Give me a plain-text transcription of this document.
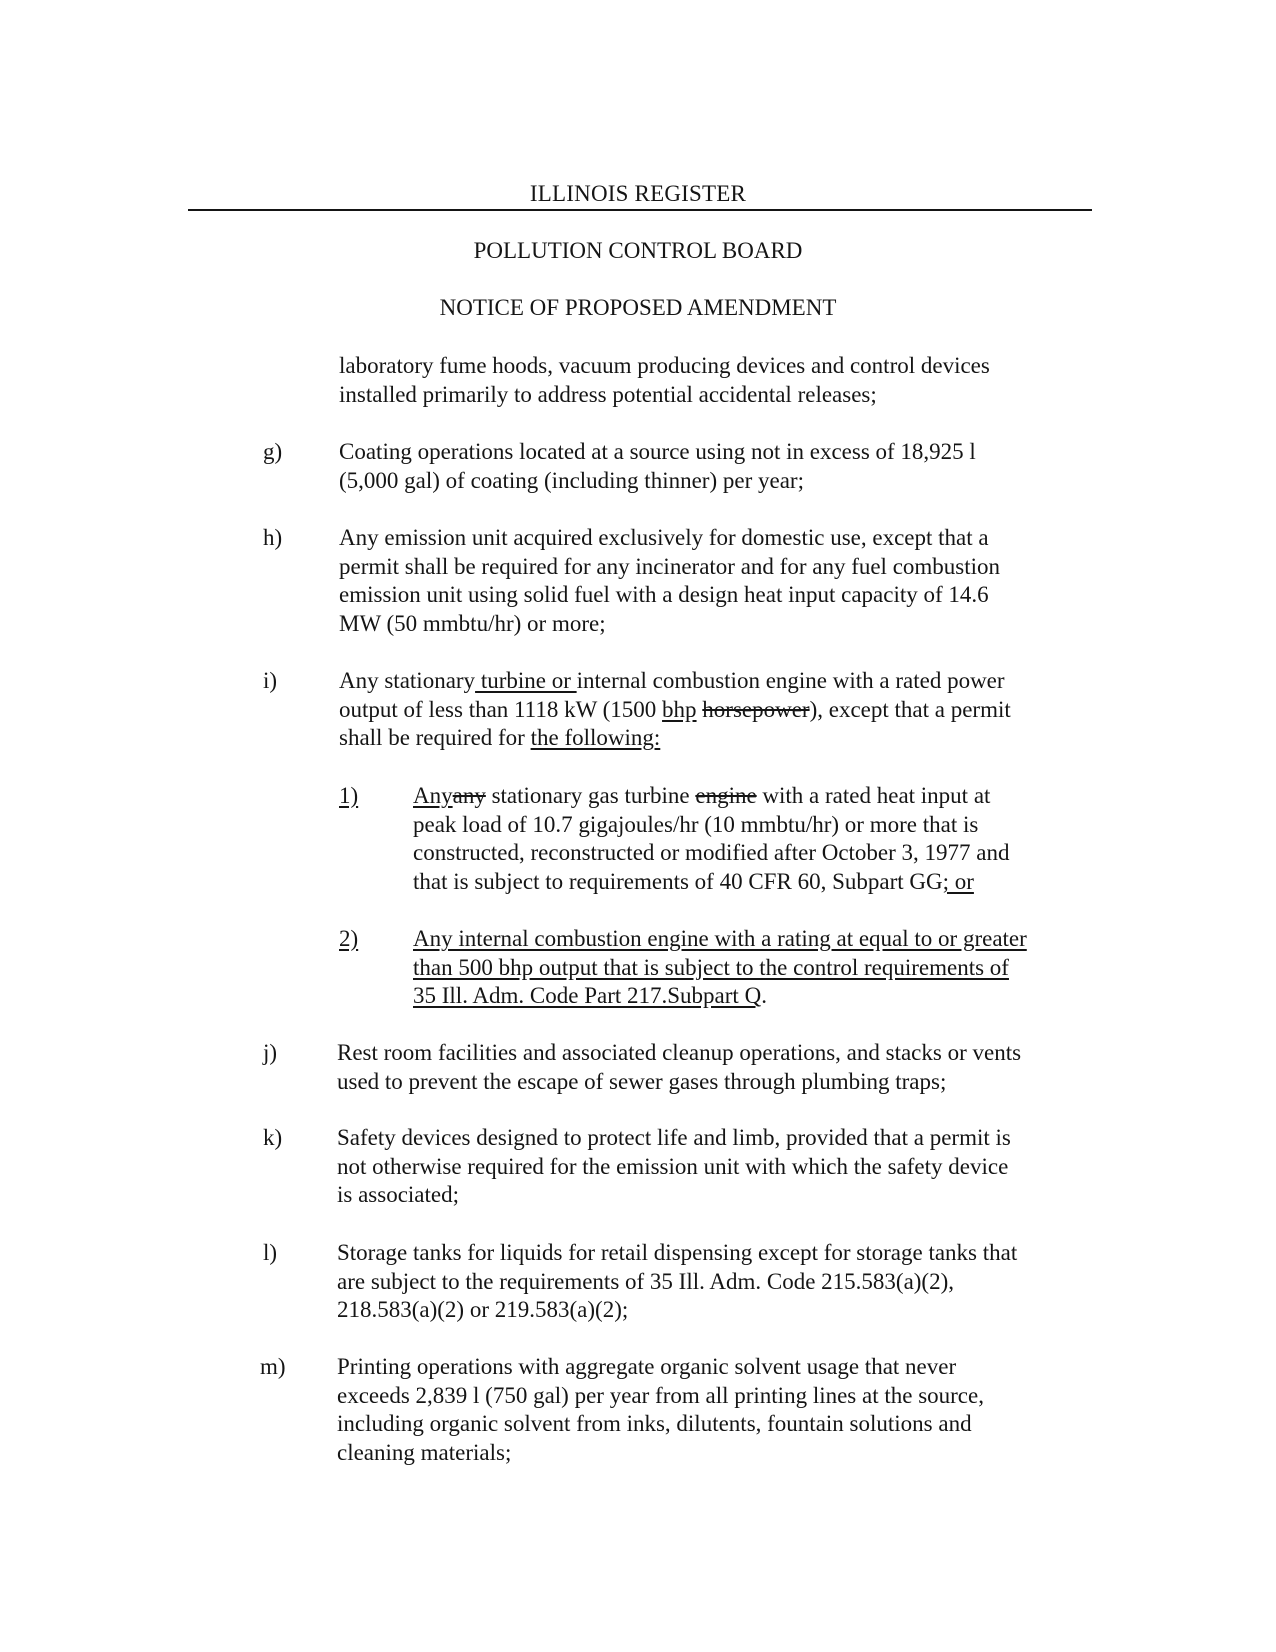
ILLINOIS REGISTER
POLLUTION CONTROL BOARD
NOTICE OF PROPOSED AMENDMENT
laboratory fume hoods, vacuum producing devices and control devices
installed primarily to address potential accidental releases;
g) Coating operations located at a source using not in excess of 18,925 l
(5,000 gal) of coating (including thinner) per year;
h) Any emission unit acquired exclusively for domestic use, except that a
permit shall be required for any incinerator and for any fuel combustion
emission unit using solid fuel with a design heat input capacity of 14.6
MW (50 mmbtu/hr) or more;
i)	Any stationary turbine or internal combustion engine with a rated power
output of less than 1118 kW (1500 bhp horsepower), except that a permit
shall be required for the following:
1) Anyany stationary gas turbine engine with a rated heat input at
peak load of 10.7 gigajoules/hr (10 mmbtu/hr) or more that is
constructed, reconstructed or modified after October 3, 1977 and
that is subject to requirements of 40 CFR 60, Subpart GG; or
2) Any internal combustion engine with a rating at equal to or greater
than 500 bhp output that is subject to the control requirements of
35 Ill. Adm. Code Part 217.Subpart Q.
j)	Rest room facilities and associated cleanup operations, and stacks or vents
used to prevent the escape of sewer gases through plumbing traps;
k) Safety devices designed to protect life and limb, provided that a permit is
not otherwise required for the emission unit with which the safety device
is associated;
l)	Storage tanks for liquids for retail dispensing except for storage tanks that
are subject to the requirements of 35 Ill. Adm. Code 215.583(a)(2),
218.583(a)(2) or 219.583(a)(2);
m) Printing operations with aggregate organic solvent usage that never
exceeds 2,839 l (750 gal) per year from all printing lines at the source,
including organic solvent from inks, dilutents, fountain solutions and
cleaning materials;
